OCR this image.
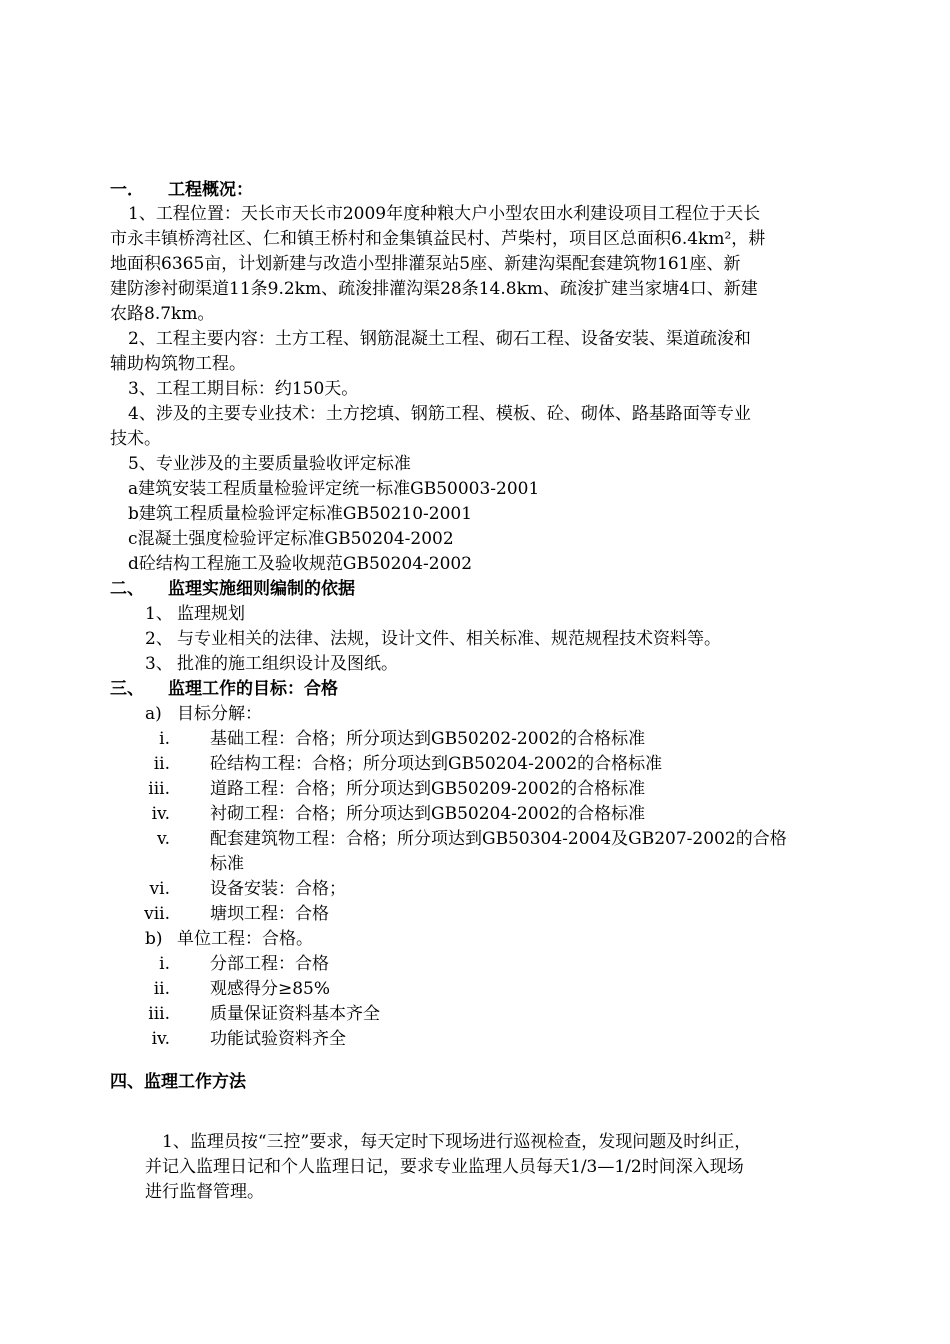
一． 工程概况：
1、工程位置：天长市天长市2009年度种粮大户小型农田水利建设项目工程位于天长
市永丰镇桥湾社区、仁和镇王桥村和金集镇益民村、芦柴村，项目区总面积6.4km²，耕
地面积6365亩，计划新建与改造小型排灌泵站5座、新建沟渠配套建筑物161座、新
建防渗衬砌渠道11条9.2km、疏浚排灌沟渠28条14.8km、疏浚扩建当家塘4口、新建
农路8.7km。
2、工程主要内容：土方工程、钢筋混凝土工程、砌石工程、设备安装、渠道疏浚和
辅助构筑物工程。
3、工程工期目标：约150天。
4、涉及的主要专业技术：土方挖填、钢筋工程、模板、砼、砌体、路基路面等专业
技术。
5、专业涉及的主要质量验收评定标准
a建筑安装工程质量检验评定统一标准GB50003-2001
b建筑工程质量检验评定标准GB50210-2001
c混凝土强度检验评定标准GB50204-2002
d砼结构工程施工及验收规范GB50204-2002
二、 监理实施细则编制的依据
1、 监理规划
2、 与专业相关的法律、法规，设计文件、相关标准、规范规程技术资料等。
3、 批准的施工组织设计及图纸。
三、 监理工作的目标：合格
a) 目标分解：
i. 基础工程：合格；所分项达到GB50202-2002的合格标准
ii. 砼结构工程：合格；所分项达到GB50204-2002的合格标准
iii. 道路工程：合格；所分项达到GB50209-2002的合格标准
iv. 衬砌工程：合格；所分项达到GB50204-2002的合格标准
v. 配套建筑物工程：合格；所分项达到GB50304-2004及GB207-2002的合格
标准
vi. 设备安装：合格；
vii. 塘坝工程：合格
b) 单位工程：合格。
i. 分部工程：合格
ii. 观感得分≥85%
iii. 质量保证资料基本齐全
iv. 功能试验资料齐全
四、监理工作方法
1、监理员按“三控”要求，每天定时下现场进行巡视检查，发现问题及时纠正，
并记入监理日记和个人监理日记，要求专业监理人员每天1/3—1/2时间深入现场
进行监督管理。
